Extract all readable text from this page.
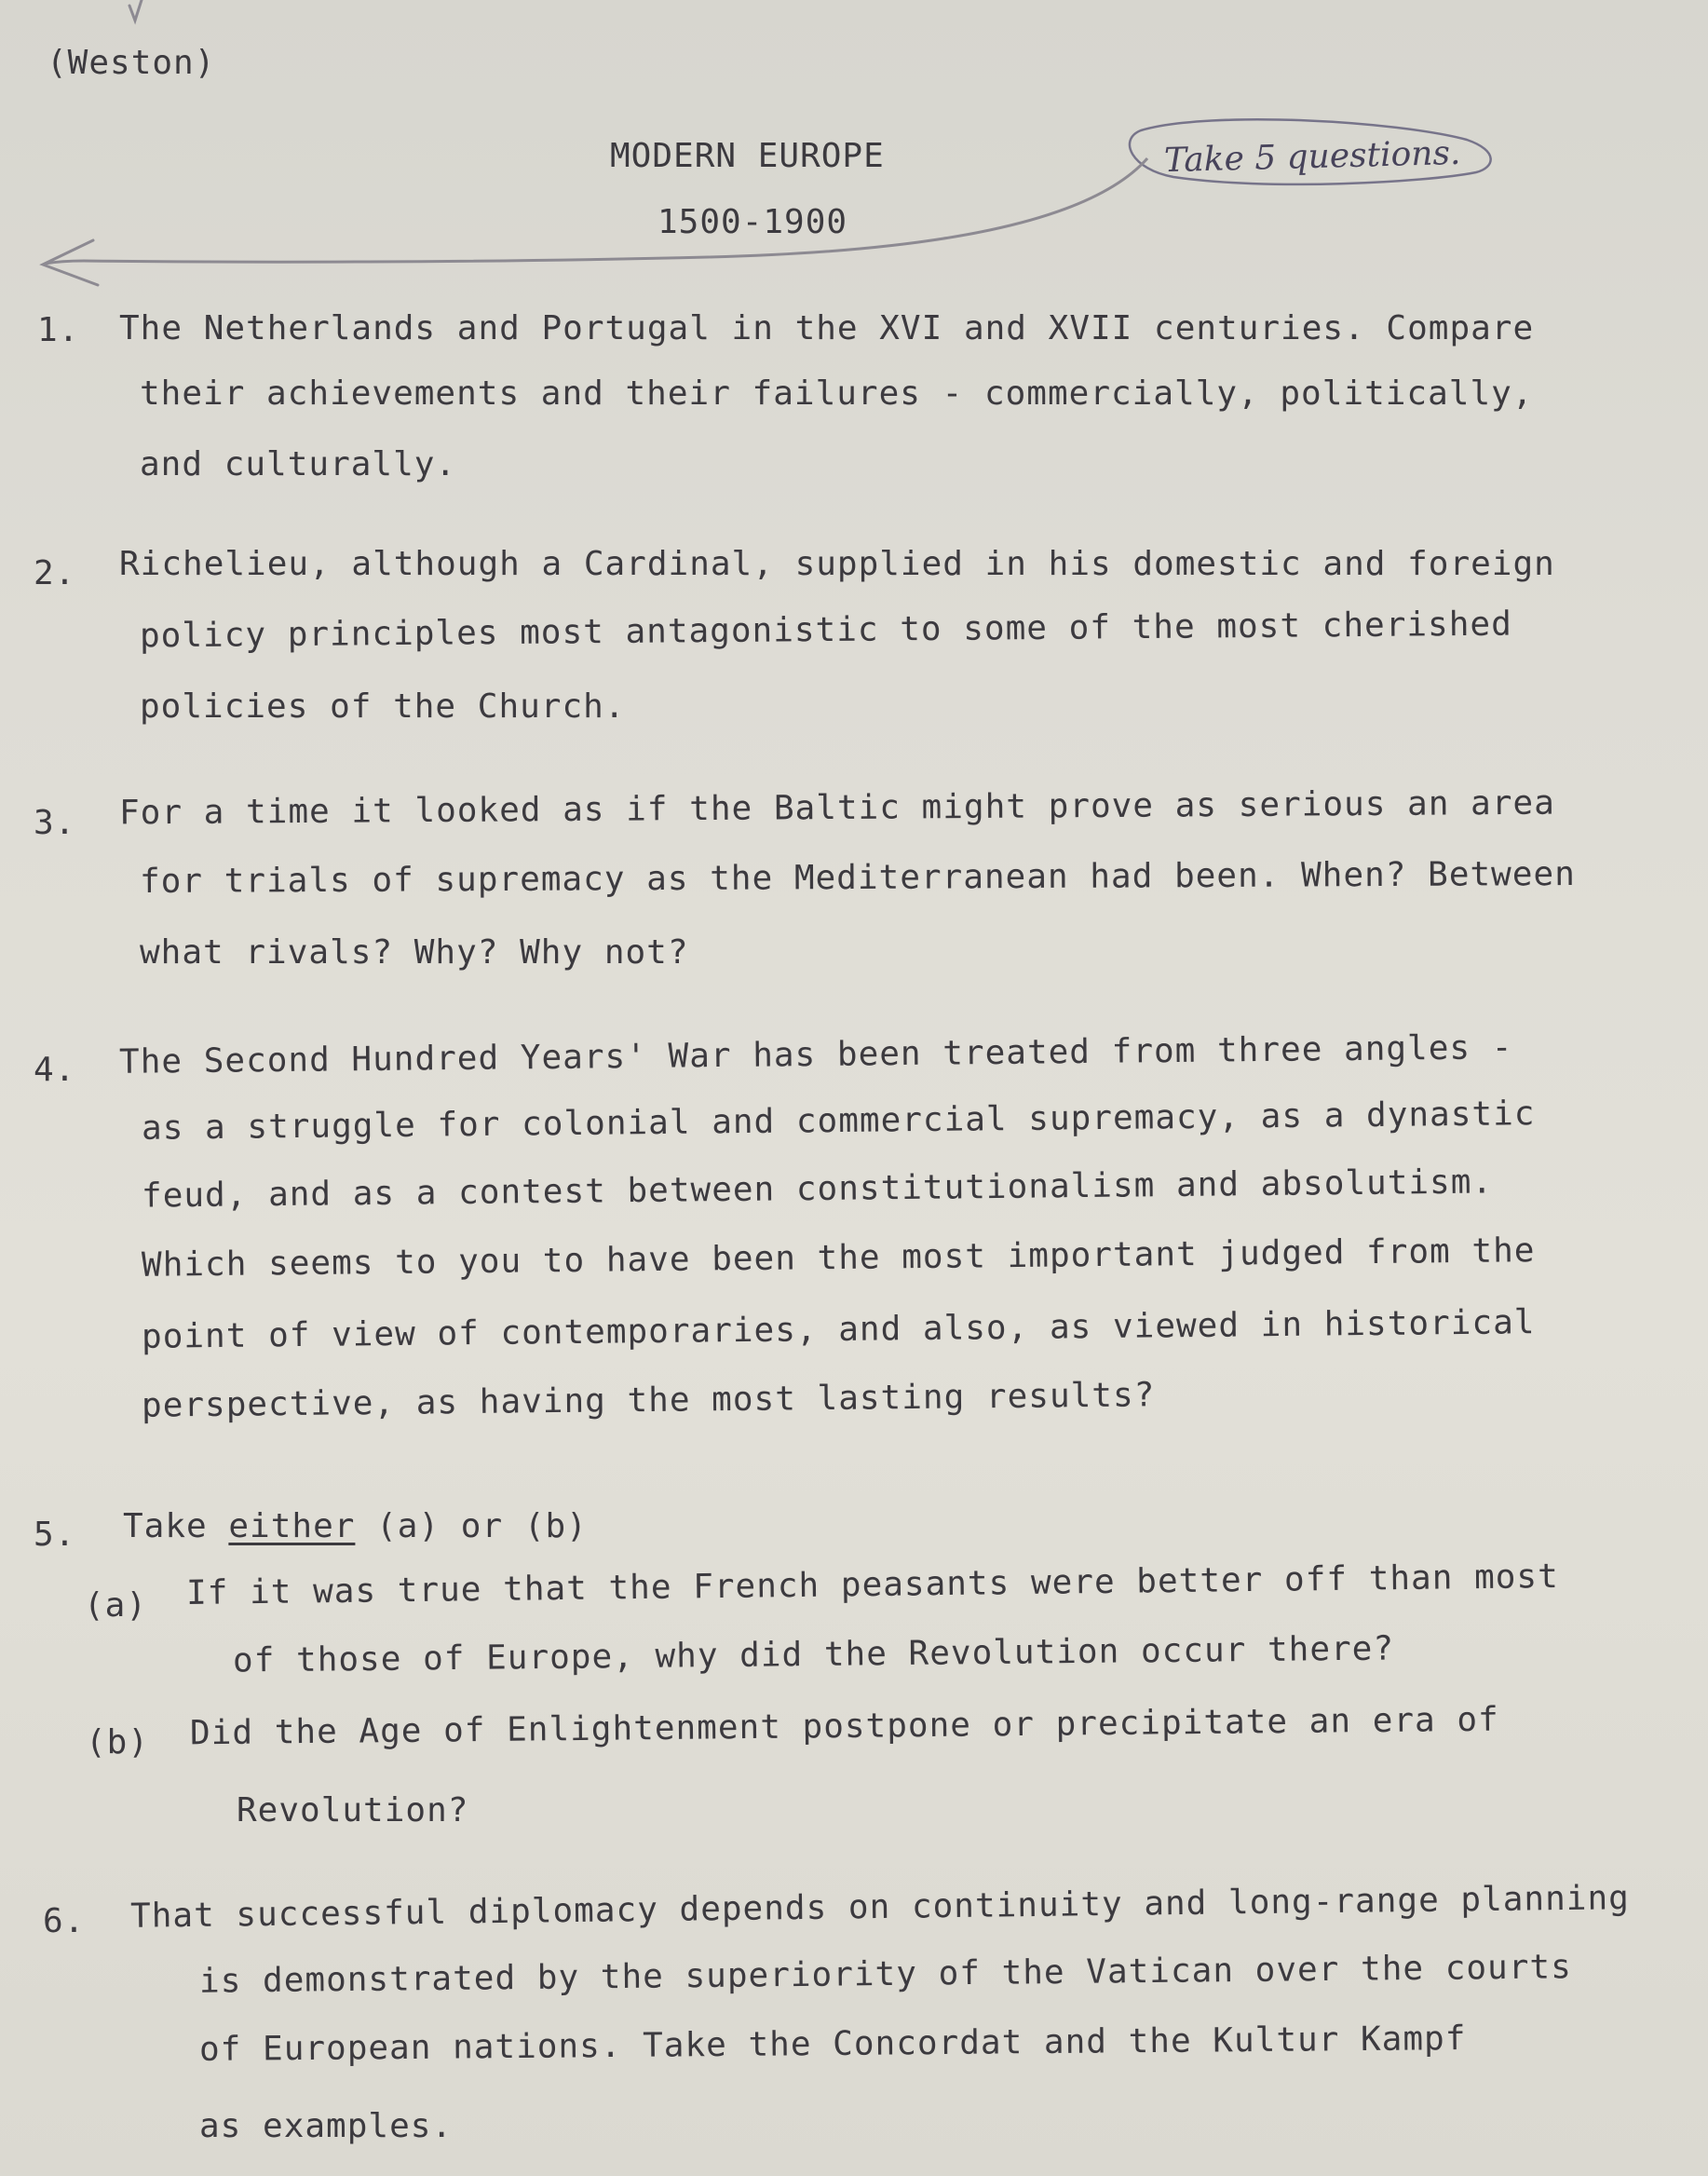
(Weston)
MODERN EUROPE
1500-1900
Take 5 questions.
1. The Netherlands and Portugal in the XVI and XVII centuries. Compare
their achievements and their failures - commercially, politically,
and culturally.
2. Richelieu, although a Cardinal, supplied in his domestic and foreign
policy principles most antagonistic to some of the most cherished
policies of the Church.
3. For a time it looked as if the Baltic might prove as serious an area
for trials of supremacy as the Mediterranean had been. When? Between
what rivals? Why? Why not?
4. The Second Hundred Years' War has been treated from three angles -
as a struggle for colonial and commercial supremacy, as a dynastic
feud, and as a contest between constitutionalism and absolutism.
Which seems to you to have been the most important judged from the
point of view of contemporaries, and also, as viewed in historical
perspective, as having the most lasting results?
5. Take either (a) or (b)
(a) If it was true that the French peasants were better off than most
of those of Europe, why did the Revolution occur there?
(b) Did the Age of Enlightenment postpone or precipitate an era of
Revolution?
6. That successful diplomacy depends on continuity and long-range planning
is demonstrated by the superiority of the Vatican over the courts
of European nations. Take the Concordat and the Kultur Kampf
as examples.
